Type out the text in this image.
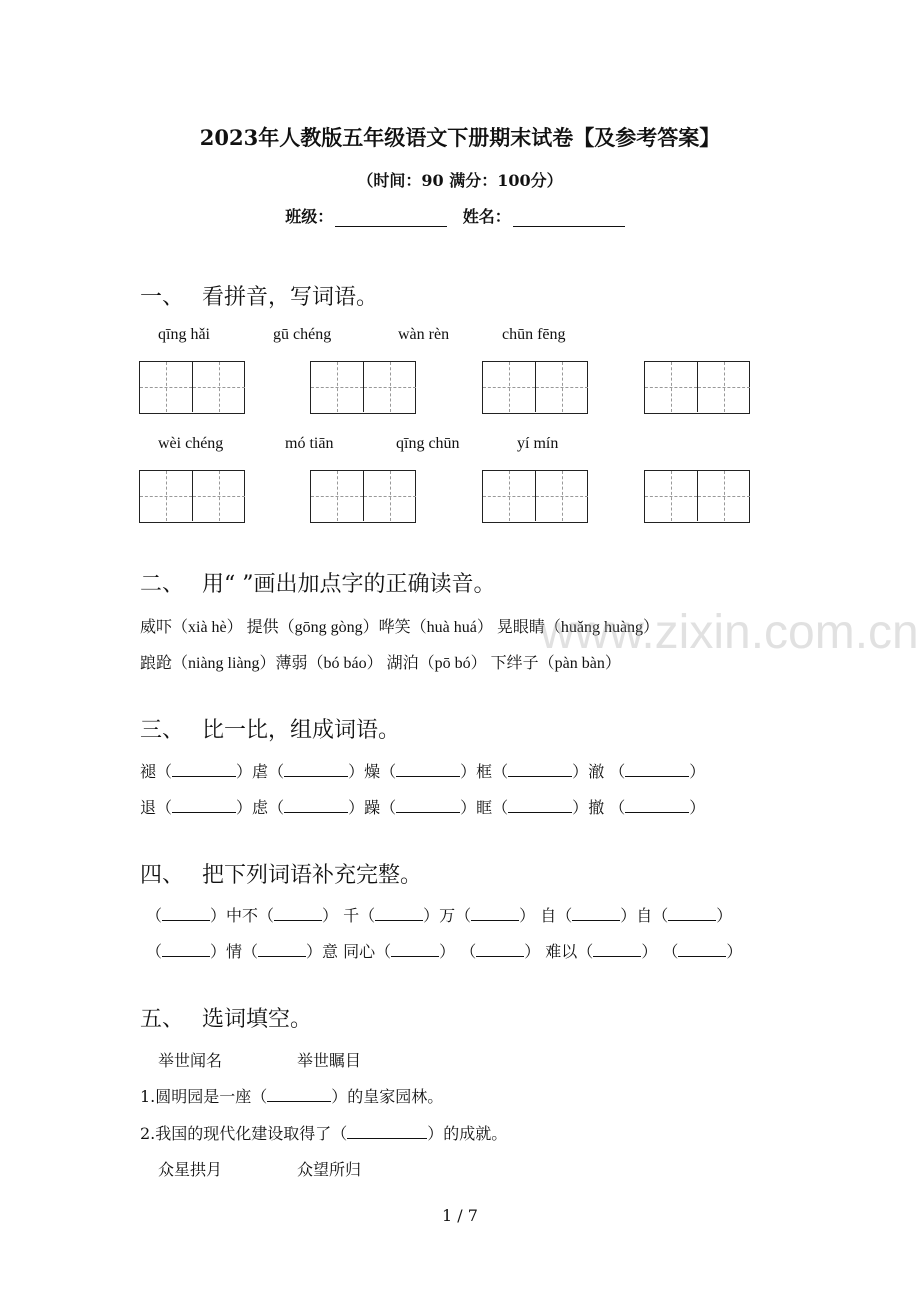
2023年人教版五年级语文下册期末试卷【及参考答案】
（时间：90 满分：100分）
班级：	姓名：
一、 看拼音，写词语。
qīng hǎi	gū chéng	wàn rèn	chūn fēng
wèi chéng	mó tiān	qīng chūn	yí mín
二、 用“ ”画出加点字的正确读音。
威吓（xià hè） 提供（gōng gòng）哗笑（huà huá） 晃眼睛（huǎng huàng）
踉跄（niàng liàng）薄弱（bó báo） 湖泊（pō bó） 下绊子（pàn bàn）
三、 比一比，组成词语。
褪（	）虐（	）燥（	）框（	）澈 （	）
退（	）虑（	）躁（	）眶（	）撤 （	）
四、 把下列词语补充完整。
（	）中不（	） 千（	）万（	） 自（	）自（	）
（	）情（	）意 同心（	） （	） 难以（	） （	）
五、 选词填空。
举世闻名	举世瞩目
1.圆明园是一座（	）的皇家园林。
2.我国的现代化建设取得了（	）的成就。
众星拱月	众望所归
www.zixin.com.cn
1 / 7
